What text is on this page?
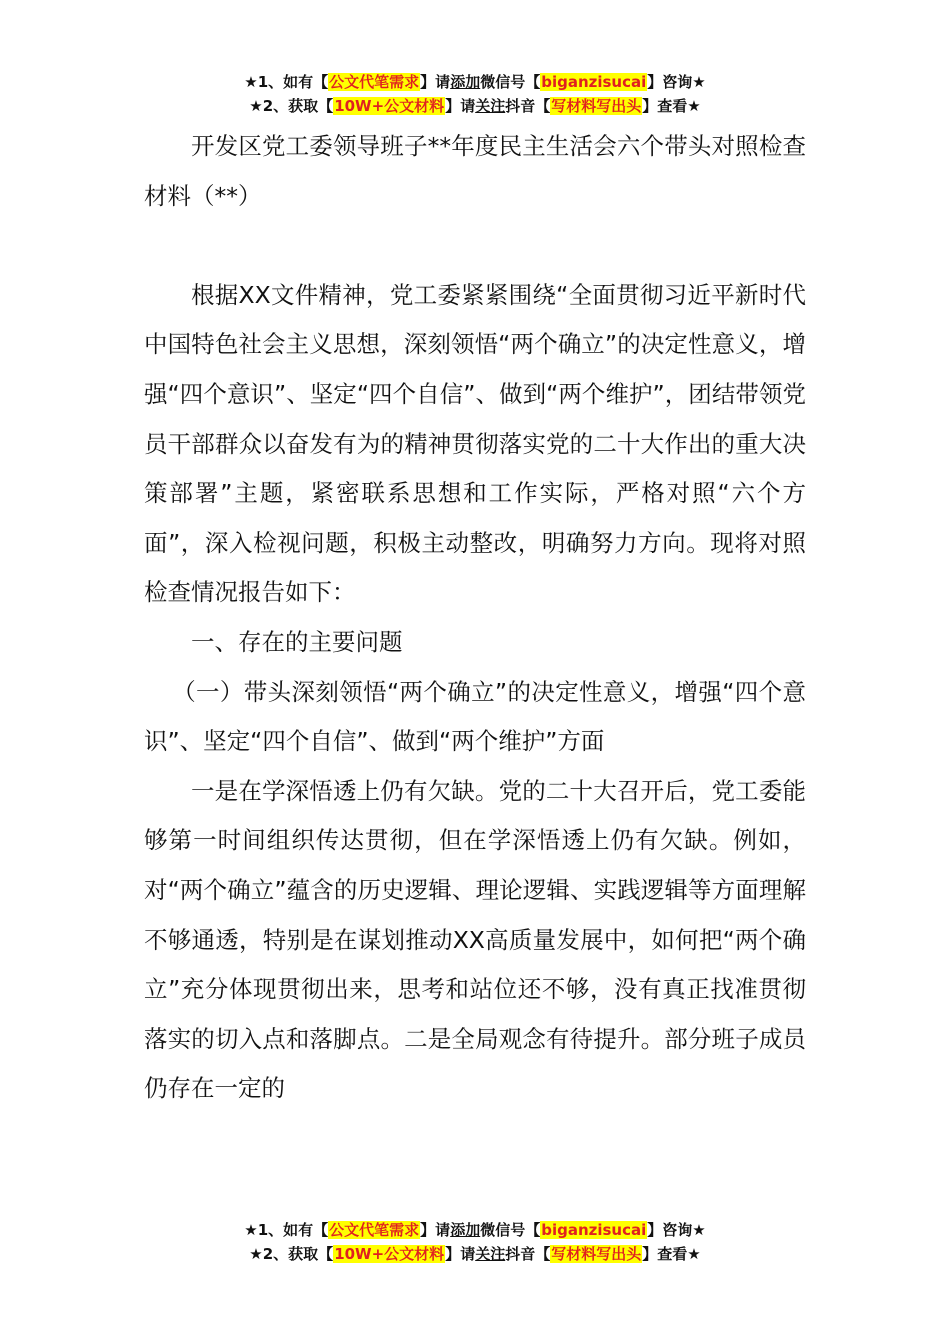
★1、如有【公文代笔需求】请添加微信号【biganzisucai】咨询★
★2、获取【10W+公文材料】请关注抖音【写材料写出头】查看★

开发区党工委领导班子**年度民主生活会六个带头对照检查材料（**）

根据XX文件精神，党工委紧紧围绕“全面贯彻习近平新时代中国特色社会主义思想，深刻领悟“两个确立”的决定性意义，增强“四个意识”、坚定“四个自信”、做到“两个维护”，团结带领党员干部群众以奋发有为的精神贯彻落实党的二十大作出的重大决策部署”主题，紧密联系思想和工作实际，严格对照“六个方面”，深入检视问题，积极主动整改，明确努力方向。现将对照检查情况报告如下：

一、存在的主要问题

（一）带头深刻领悟“两个确立”的决定性意义，增强“四个意识”、坚定“四个自信”、做到“两个维护”方面

一是在学深悟透上仍有欠缺。党的二十大召开后，党工委能够第一时间组织传达贯彻，但在学深悟透上仍有欠缺。例如，对“两个确立”蕴含的历史逻辑、理论逻辑、实践逻辑等方面理解不够通透，特别是在谋划推动XX高质量发展中，如何把“两个确立”充分体现贯彻出来，思考和站位还不够，没有真正找准贯彻落实的切入点和落脚点。二是全局观念有待提升。部分班子成员仍存在一定的

★1、如有【公文代笔需求】请添加微信号【biganzisucai】咨询★
★2、获取【10W+公文材料】请关注抖音【写材料写出头】查看★
